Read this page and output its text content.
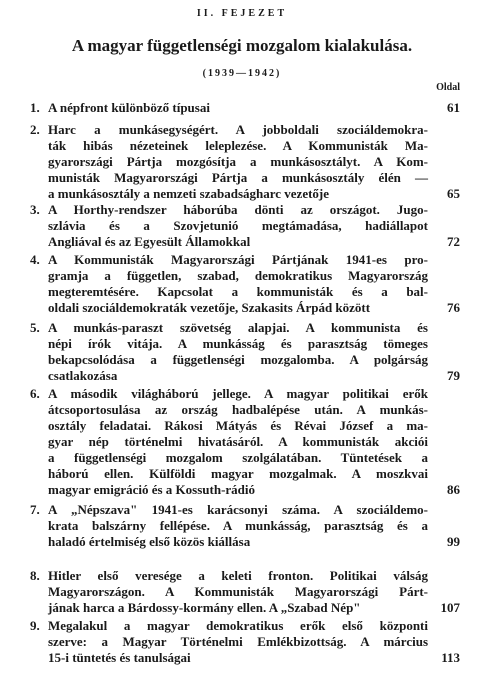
II. FEJEZET
A magyar függetlenségi mozgalom kialakulása.
(1939—1942)
Oldal
1. A népfront különböző típusai	61
2. Harc a munkásegységért. A jobboldali szociáldemokra-
ták hibás nézeteinek leleplezése. A Kommunisták Ma-
gyarországi Pártja mozgósítja a munkásosztályt. A Kom-
munisták Magyarországi Pártja a munkásosztály élén —
a munkásosztály a nemzeti szabadságharc vezetője	65
3. A Horthy-rendszer háborúba dönti az országot. Jugo-
szlávia és a Szovjetunió megtámadása, hadiállapot
Angliával és az Egyesült Államokkal	72
4. A Kommunisták Magyarországi Pártjának 1941-es pro-
gramja a független, szabad, demokratikus Magyarország
megteremtésére. Kapcsolat a kommunisták és a bal-
oldali szociáldemokraták vezetője, Szakasits Árpád között	76
5. A munkás-paraszt szövetség alapjai. A kommunista és
népi írók vitája. A munkásság és parasztság tömeges
bekapcsolódása a függetlenségi mozgalomba. A polgárság
csatlakozása	79
6. A második világháború jellege. A magyar politikai erők
átcsoportosulása az ország hadbalépése után. A munkás-
osztály feladatai. Rákosi Mátyás és Révai József a ma-
gyar nép történelmi hivatásáról. A kommunisták akciói
a függetlenségi mozgalom szolgálatában. Tüntetések a
háború ellen. Külföldi magyar mozgalmak. A moszkvai
magyar emigráció és a Kossuth-rádió	86
7. A „Népszava" 1941-es karácsonyi száma. A szociáldemo-
krata balszárny fellépése. A munkásság, parasztság és a
haladó értelmiség első közös kiállása	99
8. Hitler első veresége a keleti fronton. Politikai válság
Magyarországon. A Kommunisták Magyarországi Párt-
jának harca a Bárdossy-kormány ellen. A „Szabad Nép"	107
9. Megalakul a magyar demokratikus erők első központi
szerve: a Magyar Történelmi Emlékbizottság. A március
15-i tüntetés és tanulságai	113
